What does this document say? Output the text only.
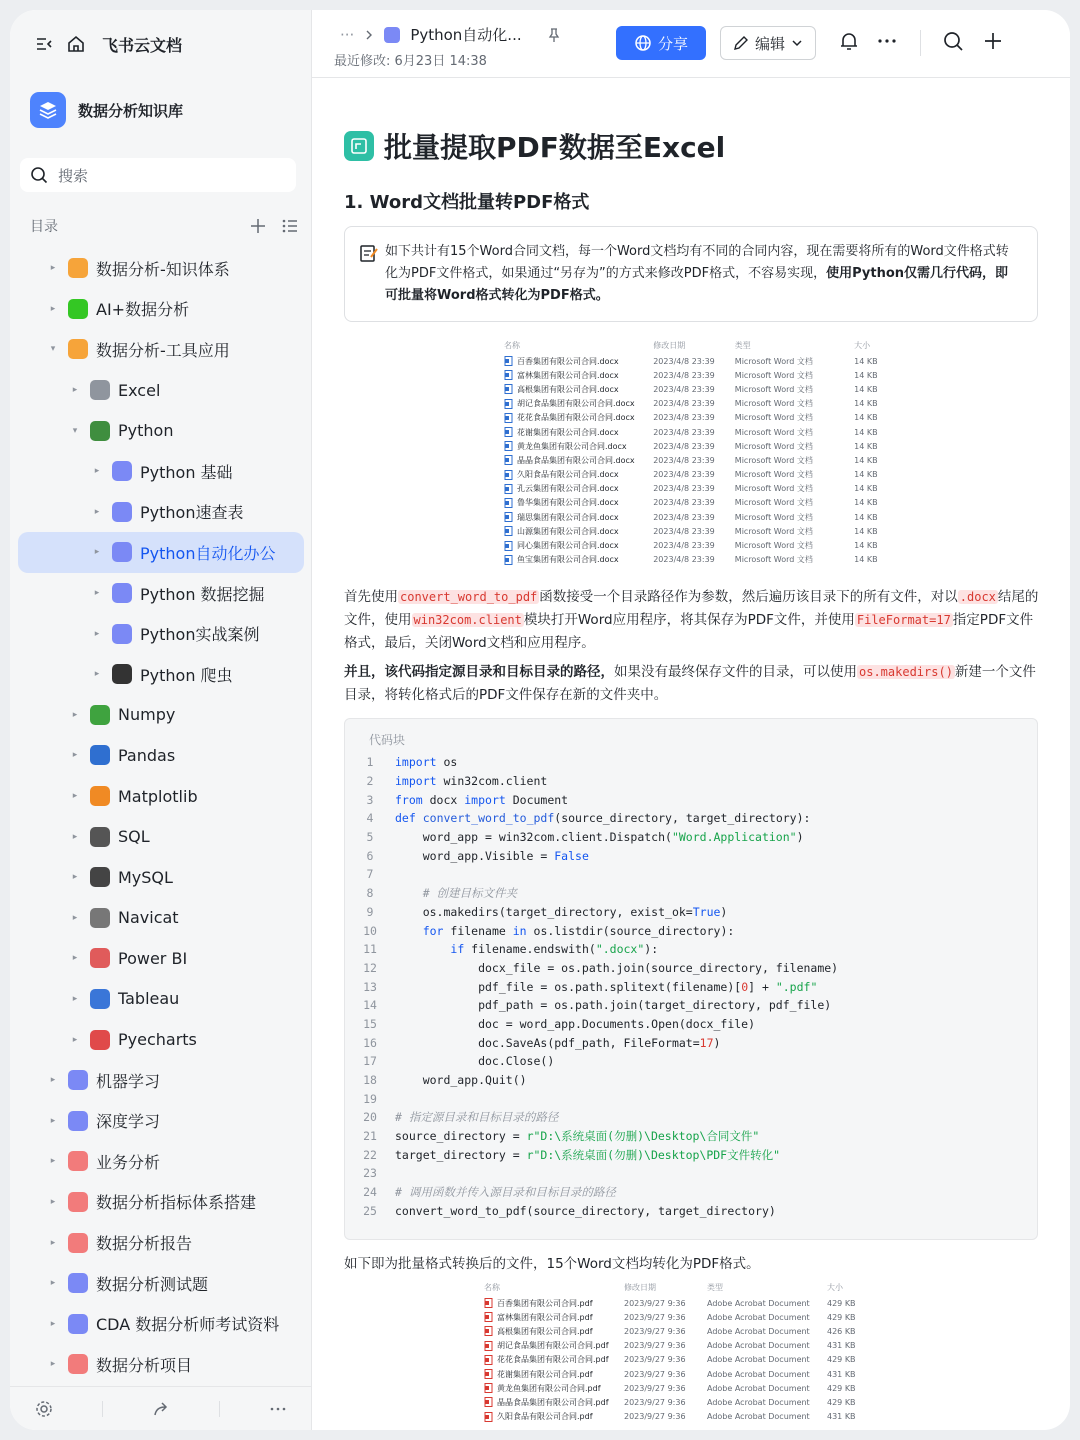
飞书云文档
数据分析知识库
搜索
目录
▸	数据分析-知识体系
▸	AI+数据分析
▾	数据分析-工具应用
▸	Excel
▾	Python
▸	Python 基础
▸	Python速查表
▸	Python自动化办公
▸	Python 数据挖掘
▸	Python实战案例
▸	Python 爬虫
▸	Numpy
▸	Pandas
▸	Matplotlib
▸	SQL
▸	MySQL
▸	Navicat
▸	Power BI
▸	Tableau
▸	Pyecharts
▸	机器学习
▸	深度学习
▸	业务分析
▸	数据分析指标体系搭建
▸	数据分析报告
▸	数据分析测试题
▸	CDA 数据分析师考试资料
▸	数据分析项目
···	Python自动化...
最近修改: 6月23日 14:38
分享	编辑
批量提取PDF数据至Excel
1. Word文档批量转PDF格式
如下共计有15个Word合同文档，每一个Word文档均有不同的合同内容，现在需要将所有的Word文件格式转化为PDF文件格式，如果通过“另存为”的方式来修改PDF格式，不容易实现，使用Python仅需几行代码，即可批量将Word格式转化为PDF格式。
名称	修改日期	类型	大小
百香集团有限公司合同.docx	2023/4/8 23:39	Microsoft Word 文档	14 KB
富林集团有限公司合同.docx	2023/4/8 23:39	Microsoft Word 文档	14 KB
高根集团有限公司合同.docx	2023/4/8 23:39	Microsoft Word 文档	14 KB
胡记食品集团有限公司合同.docx 2023/4/8 23:39	Microsoft Word 文档	14 KB
花花食品集团有限公司合同.docx 2023/4/8 23:39	Microsoft Word 文档	14 KB
花谢集团有限公司合同.docx	2023/4/8 23:39	Microsoft Word 文档	14 KB
黄龙鱼集团有限公司合同.docx	2023/4/8 23:39	Microsoft Word 文档	14 KB
晶晶食品集团有限公司合同.docx 2023/4/8 23:39	Microsoft Word 文档	14 KB
久阳食品有限公司合同.docx	2023/4/8 23:39	Microsoft Word 文档	14 KB
孔云集团有限公司合同.docx	2023/4/8 23:39	Microsoft Word 文档	14 KB
鲁华集团有限公司合同.docx	2023/4/8 23:39	Microsoft Word 文档	14 KB
瑞思集团有限公司合同.docx	2023/4/8 23:39	Microsoft Word 文档	14 KB
山源集团有限公司合同.docx	2023/4/8 23:39	Microsoft Word 文档	14 KB
同心集团有限公司合同.docx	2023/4/8 23:39	Microsoft Word 文档	14 KB
鱼宝集团有限公司合同.docx	2023/4/8 23:39	Microsoft Word 文档	14 KB
首先使用 convert_word_to_pdf 函数接受一个目录路径作为参数，然后遍历该目录下的所有文件，对以 .docx 结尾的文件，使用 win32com.client 模块打开Word应用程序，将其保存为PDF文件，并使用 FileFormat=17 指定PDF文件格式，最后，关闭Word文档和应用程序。
并且，该代码指定源目录和目标目录的路径，如果没有最终保存文件的目录，可以使用 os.makedirs() 新建一个文件目录，将转化格式后的PDF文件保存在新的文件夹中。
代码块
1	import os
2	import win32com.client
3	from docx import Document
4	def convert_word_to_pdf(source_directory, target_directory):
5	word_app = win32com.client.Dispatch("Word.Application")
6	word_app.Visible = False
7
8	# 创建目标文件夹
9	os.makedirs(target_directory, exist_ok=True)
10	for filename in os.listdir(source_directory):
11	if filename.endswith(".docx"):
12	docx_file = os.path.join(source_directory, filename)
13	pdf_file = os.path.splitext(filename)[0] + ".pdf"
14	pdf_path = os.path.join(target_directory, pdf_file)
15	doc = word_app.Documents.Open(docx_file)
16	doc.SaveAs(pdf_path, FileFormat=17)
17	doc.Close()
18	word_app.Quit()
19
20	# 指定源目录和目标目录的路径
21	source_directory = r"D:\系统桌面(勿删)\Desktop\合同文件"
22	target_directory = r"D:\系统桌面(勿删)\Desktop\PDF文件转化"
23
24	# 调用函数并传入源目录和目标目录的路径
25	convert_word_to_pdf(source_directory, target_directory)
如下即为批量格式转换后的文件，15个Word文档均转化为PDF格式。
名称	修改日期	类型	大小
百香集团有限公司合同.pdf	2023/9/27 9:36	Adobe Acrobat Document	429 KB
富林集团有限公司合同.pdf	2023/9/27 9:36	Adobe Acrobat Document	429 KB
高根集团有限公司合同.pdf	2023/9/27 9:36	Adobe Acrobat Document	426 KB
胡记食品集团有限公司合同.pdf 2023/9/27 9:36	Adobe Acrobat Document	431 KB
花花食品集团有限公司合同.pdf 2023/9/27 9:36	Adobe Acrobat Document	429 KB
花谢集团有限公司合同.pdf	2023/9/27 9:36	Adobe Acrobat Document	431 KB
黄龙鱼集团有限公司合同.pdf	2023/9/27 9:36	Adobe Acrobat Document	429 KB
晶晶食品集团有限公司合同.pdf 2023/9/27 9:36	Adobe Acrobat Document	429 KB
久阳食品有限公司合同.pdf	2023/9/27 9:36	Adobe Acrobat Document	431 KB
